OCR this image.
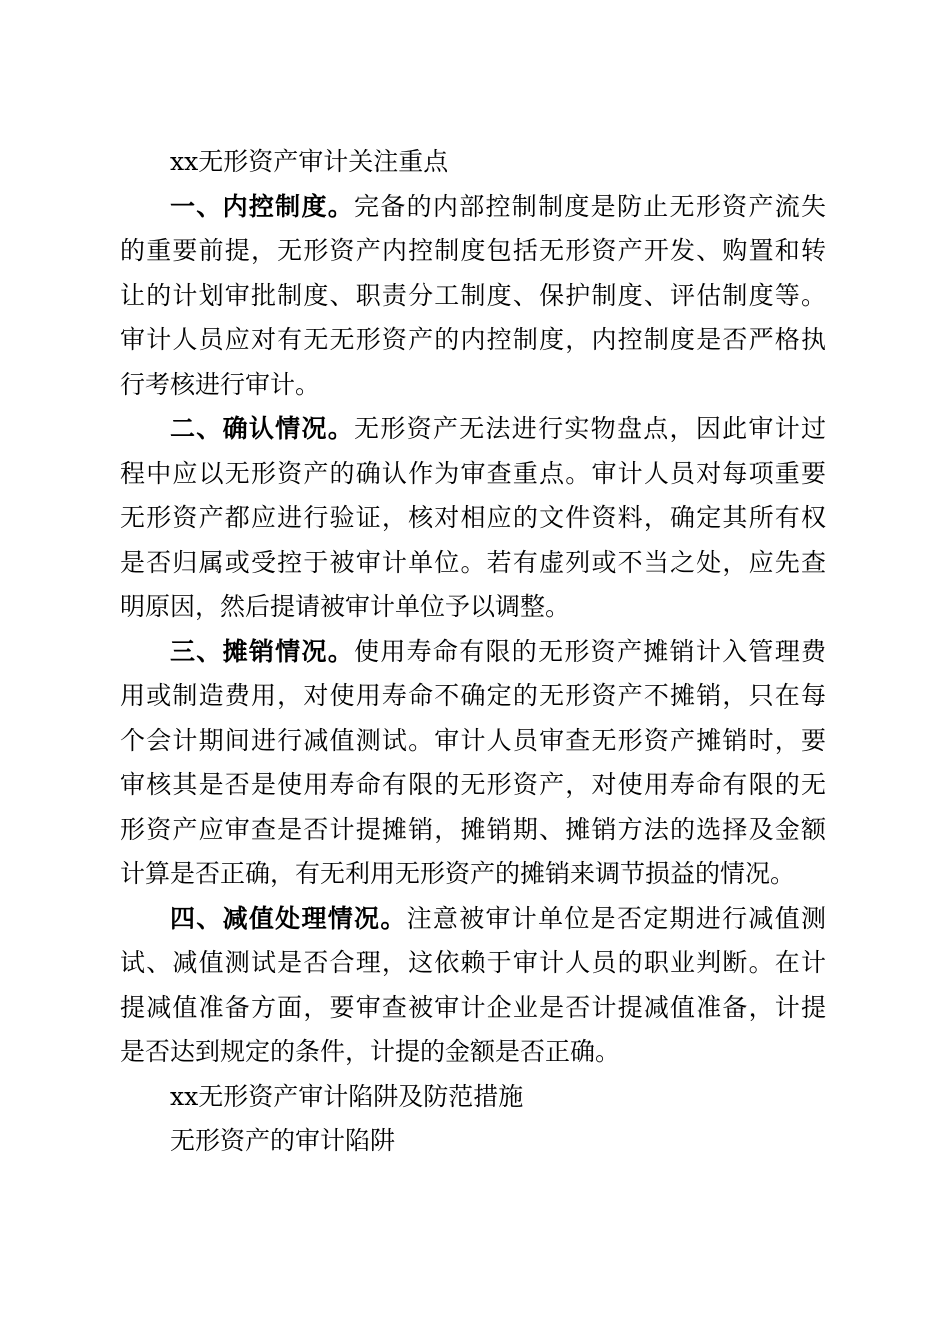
xx无形资产审计关注重点

一、内控制度。完备的内部控制制度是防止无形资产流失

的重要前提，无形资产内控制度包括无形资产开发、购置和转

让的计划审批制度、职责分工制度、保护制度、评估制度等。

审计人员应对有无无形资产的内控制度，内控制度是否严格执

行考核进行审计。

二、确认情况。无形资产无法进行实物盘点，因此审计过

程中应以无形资产的确认作为审查重点。审计人员对每项重要

无形资产都应进行验证，核对相应的文件资料，确定其所有权

是否归属或受控于被审计单位。若有虚列或不当之处，应先查

明原因，然后提请被审计单位予以调整。

三、摊销情况。使用寿命有限的无形资产摊销计入管理费

用或制造费用，对使用寿命不确定的无形资产不摊销，只在每

个会计期间进行减值测试。审计人员审查无形资产摊销时，要

审核其是否是使用寿命有限的无形资产，对使用寿命有限的无

形资产应审查是否计提摊销，摊销期、摊销方法的选择及金额

计算是否正确，有无利用无形资产的摊销来调节损益的情况。

四、减值处理情况。注意被审计单位是否定期进行减值测

试、减值测试是否合理，这依赖于审计人员的职业判断。在计

提减值准备方面，要审查被审计企业是否计提减值准备，计提

是否达到规定的条件，计提的金额是否正确。

xx无形资产审计陷阱及防范措施

无形资产的审计陷阱
